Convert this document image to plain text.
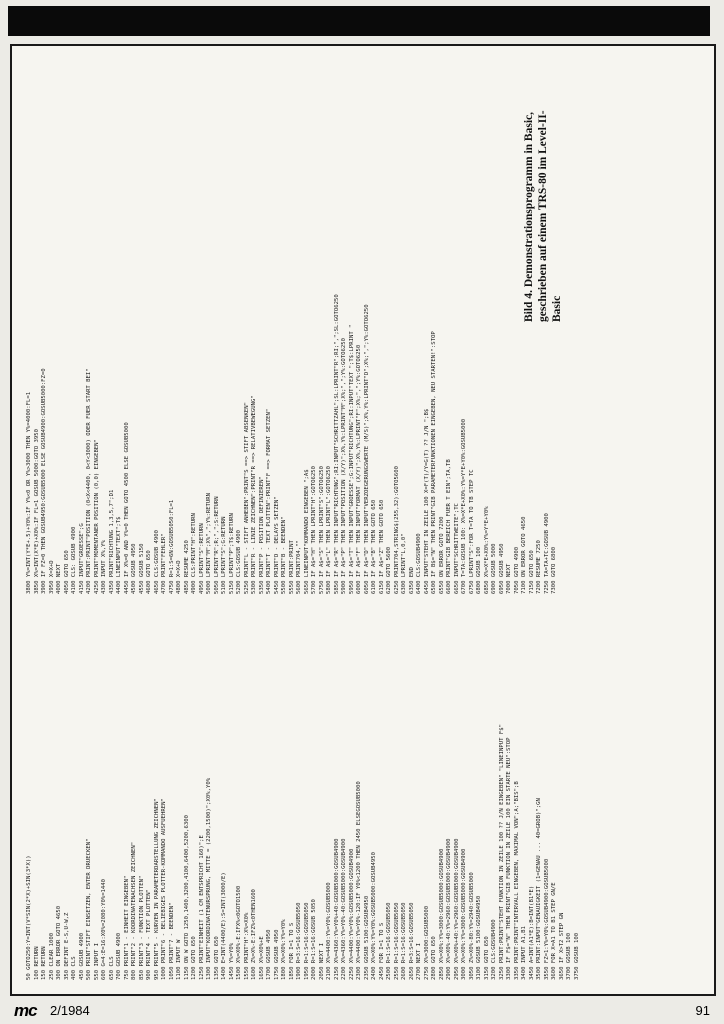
50 GOTO250:Y=INT(V*SIN(2*X)+SIN(3*X)) 100 RETURN 150 RETURN 250 CLEAR 1000 300 ON ERROR GOTO 4650 350 DEFINT E-S,U-W,Z 400 CLS 450 GOSUB 4900 500 PRINT"STIFT EINSETZEN, ENTER DRUECKEN" 550 INPUT I 600 G=4:E=16:X0%=2080:Y0%=1440 650 CLS 700 GOSUB 4900 750 PRINT"1 - EINHEIT EINGEBEN" 800 PRINT"2 - KOORDINATENACHSEN ZEICHNEN" 850 PRINT"3 - FUNKTION PLOTTEN" 900 PRINT"4 - TEXT PLOTTEN" 950 PRINT"5 - KURVEN IN PARAMETERDARSTELLUNG ZEICHNEN" 1000 PRINT"6 - BELIEBIGES PLOTTER-KOMMANDO AUSFUEHREN" 1050 PRINT"7 - BEENDEN" 1100 INPUT W 1150 ON W GOTO 1250,1400,3200,4100,6400,5200,6300 1200 GOTO 650 1250 PRINT"EINHEIT (1 CM ENTSPRICHT 160)";E 1300 INPUT"KOORDINATENURSPRUNG, MITTE = (2200,1500)";X0%,Y0% 1350 GOTO 650 1400 E=INT(4400/E):S=INT(3000/E) 1450 Y%=Y0% 1500 X%=X0%-E:IFX%<0GOTO1500 1550 PRINT"H":X%=X0% 1600 Z%=X%-E:IFZ%<0THEN1600 1650 X%=X0%+E 1700 GOSUB 4950 1750 GOSUB 4950 1800 X%=X0%:Y%=Y0% 1850 FOR I=1 TO S 1900 R=3:S=16:GOSUB5050 1950 R=1:S=16:GOSUB5050 2000 R=1:S=16:GOSUB 5050 2050 NEXT I 2100 X%=4400:Y%=Y0%:GOSUB5000 2150 X%=4360:Y%=Y0%+40:GOSUB5000:GOSUB4900 2200 X%=4360:Y%=Y0%-40:GOSUB5000:GOSUB4900 2250 X%=4400:Y%=Y0%:GOSUB5000:GOSUB4900 2300 X%=4400:Y%=Y0%-120:IF Y0%<1200 THEN 2450 ELSEGOSUB5000 2350 GOSUB 5100:GOSUB4950 2400 X%=X0%:Y%=Y0%:GOSUB5000:GOSUB4950 2450 FOR I=1 TO S 2500 R=1:S=16:GOSUB5050 2550 R=1:S=16:GOSUB5050 2600 R=1:S=16:GOSUB5050 2650 R=3:S=16:GOSUB5050 2700 NEXT I 2750 X%=3000:GOSUB5000 2800 GOTO 650 2850 X%=X0%:Y%=3000:GOSUB5000:GOSUB4900 2900 X%=X0%-40:Y%=2960:GOSUB5000:GOSUB4900 2950 X%=X0%+40:Y%=2960:GOSUB5000:GOSUB4900 3000 X%=X0%:Y%=3000:GOSUB5000:GOSUB4900 3050 Z%=X0%-80:Y%=2940:GOSUB5000 3100 GOSUB 5100:GOSUB4950 3150 GOTO 650 3200 CLS:GOSUB4900 3250 PRINT:PRINT"STEHT FUNKTION IN ZEILE 100 ?? J/N EINGEBEN" "LINEINPUT F$" 3300 IF F$="N" THEN PRINT"GIB FUNKTION IN ZEILE 100 EIN STARTE NEU":STOP 3350 PRINT:PRINT"INTERVALL EINGEBEN, MAXIMAL VON";A;"BIS";B 3400 INPUT A1,B1 3450 A=INT(A1*E):B=INT(B1*E) 3500 PRINT:INPUT"GENAUIGKEIT (1=GENAU ... 40=GROB)";GN 3550 FZ=1:Y%=Y0%:GOSUB4900:GOSUB5000 3600 FOR X=A1 TO B1 STEP GN/E 3650 IF X>T2 STEP GN 3700 GOSUB 100 3750 GOSUB 100
3800 Y%=INT(Y*E+.5)+Y0%:IF Y%<0 OR Y%>3000 THEN Y%=4000:FL=1 3850 X%=INT(X*E)+X0%:IF FL=1 GOSUB 5000:GOTO 3950 3900 IF FZ=0 THEN GOSUB4950:GOSUB5000 ELSE GOSUB4900:GOSUB5000:FZ=0 3950 X=X+D 4000 NEXT 4050 GOTO 650 4100 CLS: GOSUB 4900 4150 INPUT"GROESSE";G 4200 PRINT:PRINT"POSITION (0<X<4400, 0<Y<3000) ODER FUER START BEI" 4250 PRINT"MOMENTANER POSITION (0,0) EINGEBEN" 4300 INPUT X%,Y% 4350 PRINT"RICHTUNG 1,3,5,7";D1 4400 LINEINPUT"TEXT";T$ 4450 IF X%=0 AND Y%=0 THEN GOTO 4500 ELSE GOSUB5000 4500 GOSUB 4950 4550 GOSUB 5150 4600 GOTO 650 4650 CLS:GOSUB 4900 4700 PRINT"FEHLER" 4750 R=1:S=6N:GOSUB5050:FL=1 4800 X=X+D 4850 RESUME 4250 4900 CLS:PRINT"H":RETURN 4950 LPRINT"S":RETURN 5000 LPRINT"M";X%",";Y%:RETURN 5050 LPRINT"R";R;",";S:RETURN 5100 LPRINT"S";G:RETURN 5150 LPRINT"P";T$:RETURN 5200 CLS:GOSUB 4900 5250 PRINT"L - STIFT ANHEBEN":PRINT"S ==> STIFT ABSENKEN" 5300 PRINT"R - LINIE ZEICHNEN":PRINT"R ==> RELATIVBEWEGUNG" 5350 PRINT"P - POSITION DEFINIEREN" 5400 PRINT"T - TEXT PLOTTEN":PRINT"F ==> FORMAT SETZEN" 5450 PRINT"D - DELAYS SETZEN" 5500 PRINT"B - BEENDEN" 5550 PRINT:PRINT 5600 PRINT704,"" 5650 LINEINPUT"KOMMANDO EINGEBEN ";A$ 5700 IF A$="H" THEN LPRINT"H":GOTO6250 5750 IF A$="S" THEN LPRINT"S":GOTO6250 5800 IF A$="L" THEN LPRINT"L":GOTO6250 5850 IF A$="R" THEN INPUT"RICHTUNG";RI:INPUT"SCHRITTZAHL";SL:LPRINT"R";RI;",";SL:GOTO6250 5900 IF A$="P" THEN INPUT"POSITION (X/Y)";X%,Y%:LPRINT"M";X%;",";Y%:GOTO6250 5950 IF A$="T" THEN INPUT"GROESSE";G:INPUT"RICHTUNG";RI:INPUT"TEXT ";T$:LPRINT " 6000 IF A$="F" THEN INPUT"FORMAT (X/Y)";X%,Y%:LPRINT"F";X%;",";Y%:GOTO6250 6050 IF A$="D" THEN INPUT"VERZOEGERUNGSWERTE (M/S)";X%,Y%:LPRINT"D";X%;",";Y%:GOTO6250 6100 IF A$="B" THEN GOTO 650 6150 IF A$="Z" THEN GOTO 650 6200 GOTO 5600 6250 PRINT704,STRING$(255,32):GOTO5600 6300 LPRINT"L,0,0" 6350 END 6400 CLS:GOSUB4900 6450 INPUT"STEHT IN ZEILE 100 X=F(T)/Y=G(T) ?? J/N ";B$ 6500 IF B$="N" THEN PRINT"GIB PARAMETERFUNKTIONEN EINGEBEN, NEU STARTEN!":STOP 6550 ON ERROR GOTO 7200 6600 PRINT"GIB BEREICH FUER T EIN";TA,TB 6650 INPUT"SCHRITTWEITE";TC 6700 T=TA:GOSUB 100: X%=X*E+X0%:Y%=Y*E+Y0%:GOSUB5000 6750 LPRINT"S":FOR T=TA TO TB STEP TC 6800 GOSUB 100 6850 X%=X*E+X0%:Y%=Y*E+Y0% 6900 GOSUB 5000 6950 GOSUB 4950 7000 NEXT 7050 GOTO 4900 7100 ON ERROR GOTO 4650 7150 GOTO 650 7200 RESUME 7250 7250 TA=TA+TC:GOSUB 4900 7300 GOTO 6800
Bild 4. Demonstrationsprogramm in Basic, geschrieben auf einem TRS-80 im Level-II- Basic
mc 2/1984	91
